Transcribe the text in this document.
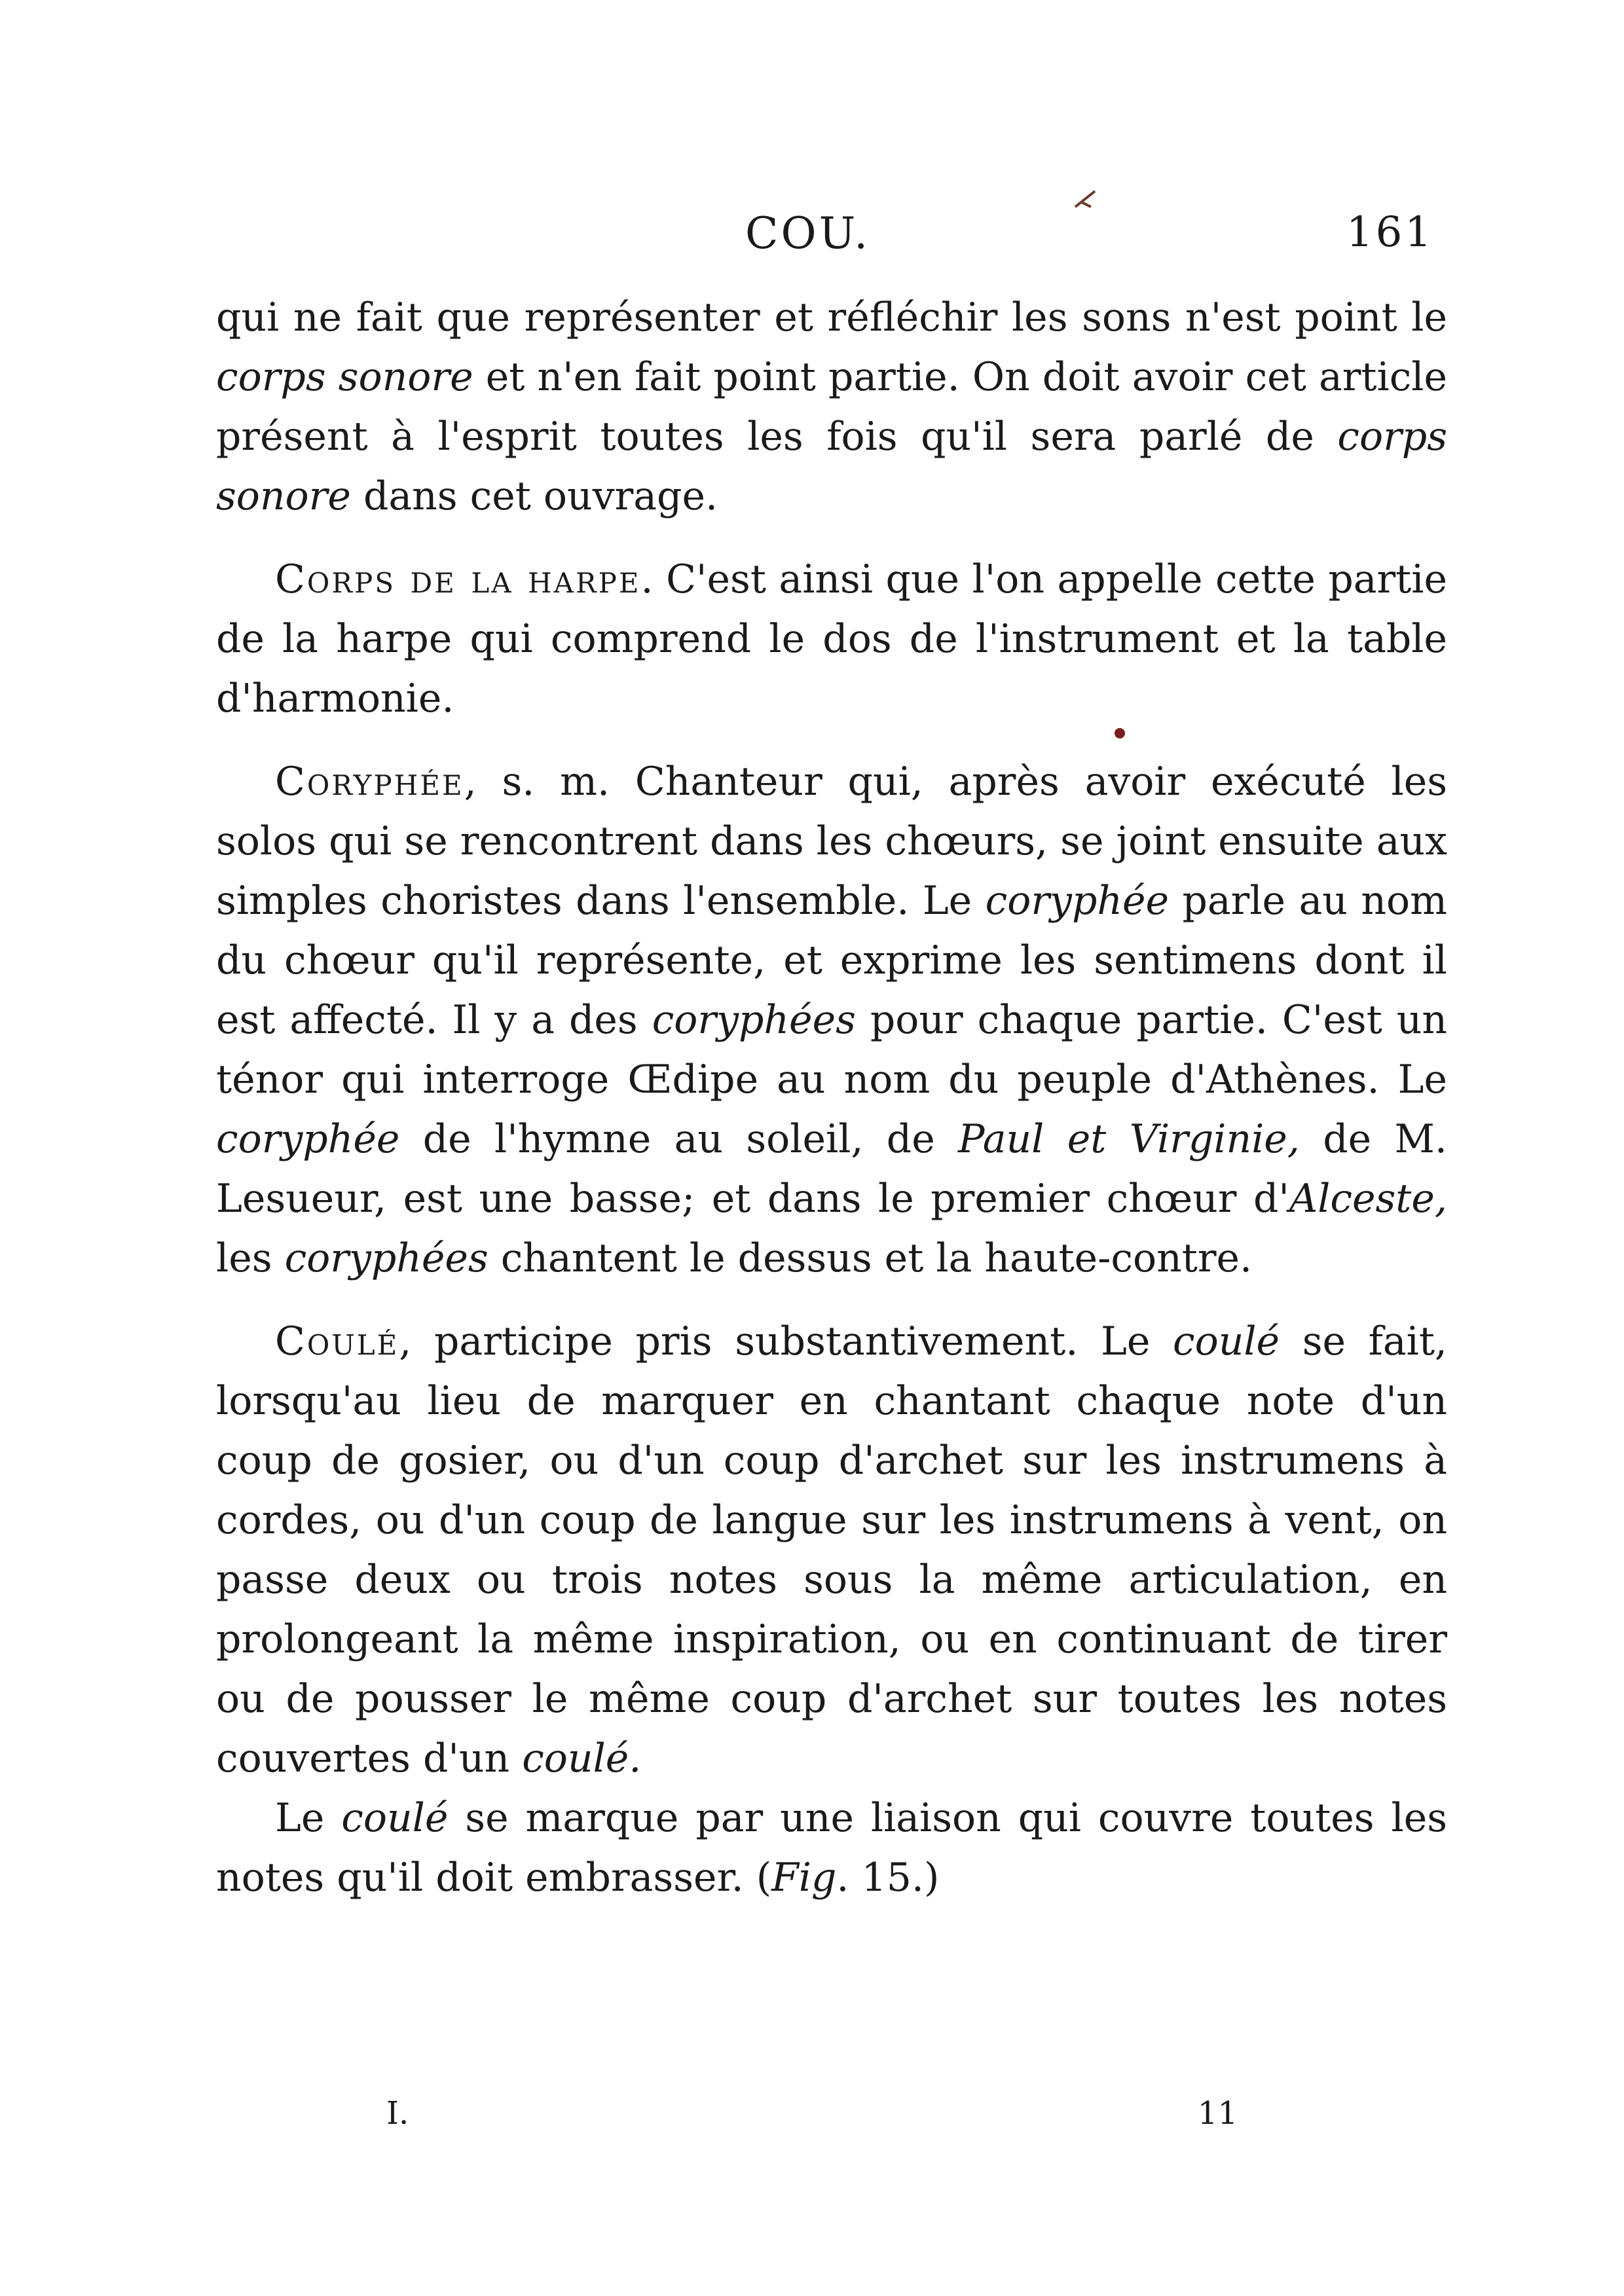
COU.	161

qui ne fait que représenter et réfléchir les sons n'est point le corps sonore et n'en fait point partie. On doit avoir cet article présent à l'esprit toutes les fois qu'il sera parlé de corps sonore dans cet ouvrage.

Corps de la harpe. C'est ainsi que l'on appelle cette partie de la harpe qui comprend le dos de l'instrument et la table d'harmonie.

Coryphée, s. m. Chanteur qui, après avoir exécuté les solos qui se rencontrent dans les chœurs, se joint ensuite aux simples choristes dans l'ensemble. Le coryphée parle au nom du chœur qu'il représente, et exprime les sentimens dont il est affecté. Il y a des coryphées pour chaque partie. C'est un ténor qui interroge Œdipe au nom du peuple d'Athènes. Le coryphée de l'hymne au soleil, de Paul et Virginie, de M. Lesueur, est une basse; et dans le premier chœur d'Alceste, les coryphées chantent le dessus et la haute-contre.

Coulé, participe pris substantivement. Le coulé se fait, lorsqu'au lieu de marquer en chantant chaque note d'un coup de gosier, ou d'un coup d'archet sur les instrumens à cordes, ou d'un coup de langue sur les instrumens à vent, on passe deux ou trois notes sous la même articulation, en prolongeant la même inspiration, ou en continuant de tirer ou de pousser le même coup d'archet sur toutes les notes couvertes d'un coulé.

Le coulé se marque par une liaison qui couvre toutes les notes qu'il doit embrasser. (Fig. 15.)

I.	11
